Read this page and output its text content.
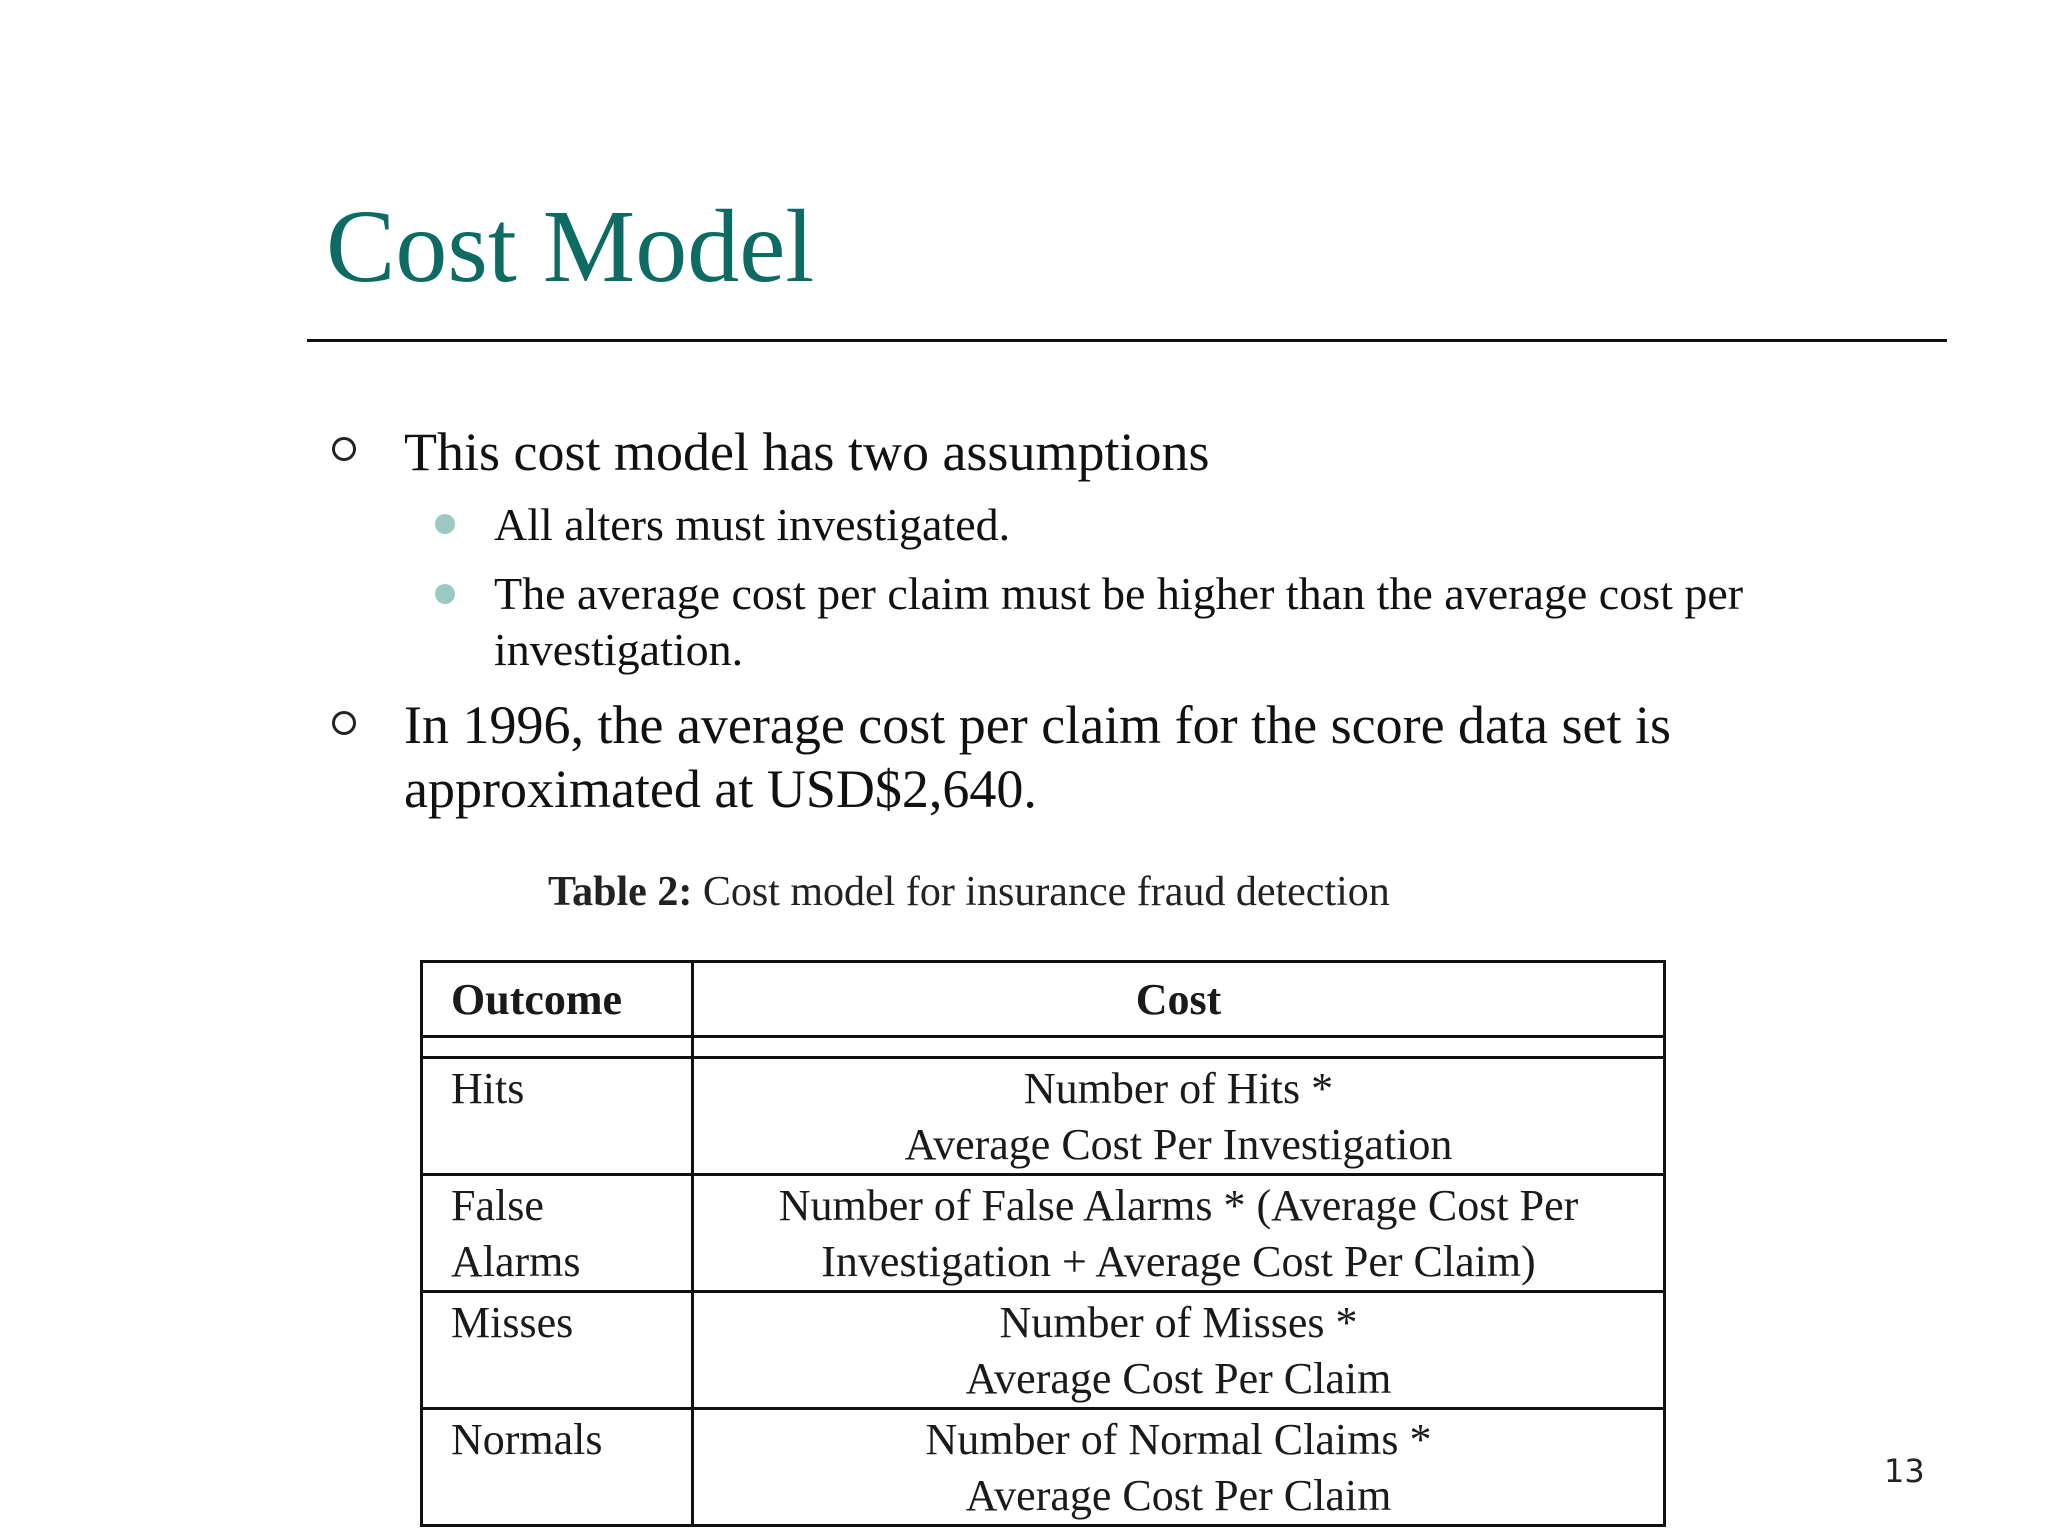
Cost Model
This cost model has two assumptions
All alters must investigated.
The average cost per claim must be higher than the average cost per investigation.
In 1996, the average cost per claim for the score data set is approximated at USD$2,640.
Table 2: Cost model for insurance fraud detection
Outcome	Cost

Hits	Number of Hits *
Average Cost Per Investigation
False
Alarms	Number of False Alarms * (Average Cost Per
Investigation + Average Cost Per Claim)
Misses	Number of Misses *
Average Cost Per Claim
Normals	Number of Normal Claims *
Average Cost Per Claim	13
